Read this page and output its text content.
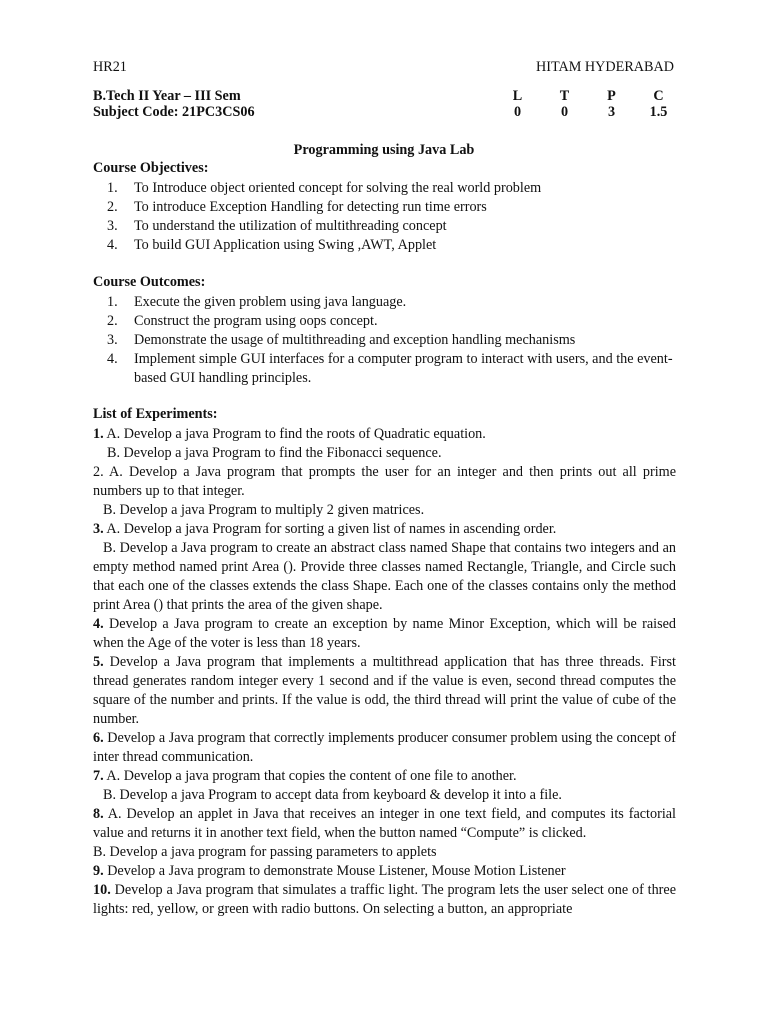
HR21	HITAM HYDERABAD
B.Tech II Year – III Sem
Subject Code: 21PC3CS06
L	T	P	C
0	0	3	1.5
Programming using Java Lab
Course Objectives:
To Introduce object oriented concept for solving the real world problem
To introduce Exception Handling for detecting run time errors
To understand the utilization of multithreading concept
To build GUI Application using Swing ,AWT, Applet
Course Outcomes:
Execute the given problem using java language.
Construct the program using oops concept.
Demonstrate the usage of multithreading and exception handling mechanisms
Implement simple GUI interfaces for a computer program to interact with users, and the event-based GUI handling principles.
List of Experiments:

1. A. Develop a java Program to find the roots of Quadratic equation.

B. Develop a java Program to find the Fibonacci sequence.

2. A. Develop a Java program that prompts the user for an integer and then prints out all prime numbers up to that integer.

B. Develop a java Program to multiply 2 given matrices.

3. A. Develop a java Program for sorting a given list of names in ascending order.

B. Develop a Java program to create an abstract class named Shape that contains two integers and an empty method named print Area (). Provide three classes named Rectangle, Triangle, and Circle such that each one of the classes extends the class Shape. Each one of the classes contains only the method print Area () that prints the area of the given shape.

4. Develop a Java program to create an exception by name Minor Exception, which will be raised when the Age of the voter is less than 18 years.

5. Develop a Java program that implements a multithread application that has three threads. First thread generates random integer every 1 second and if the value is even, second thread computes the square of the number and prints. If the value is odd, the third thread will print the value of cube of the number.

6. Develop a Java program that correctly implements producer consumer problem using the concept of inter thread communication.

7. A. Develop a java program that copies the content of one file to another.

B. Develop a java Program to accept data from keyboard & develop it into a file.

8. A. Develop an applet in Java that receives an integer in one text field, and computes its factorial value and returns it in another text field, when the button named “Compute” is clicked.

B. Develop a java program for passing parameters to applets

9. Develop a Java program to demonstrate Mouse Listener, Mouse Motion Listener

10. Develop a Java program that simulates a traffic light. The program lets the user select one of three lights: red, yellow, or green with radio buttons. On selecting a button, an appropriate
